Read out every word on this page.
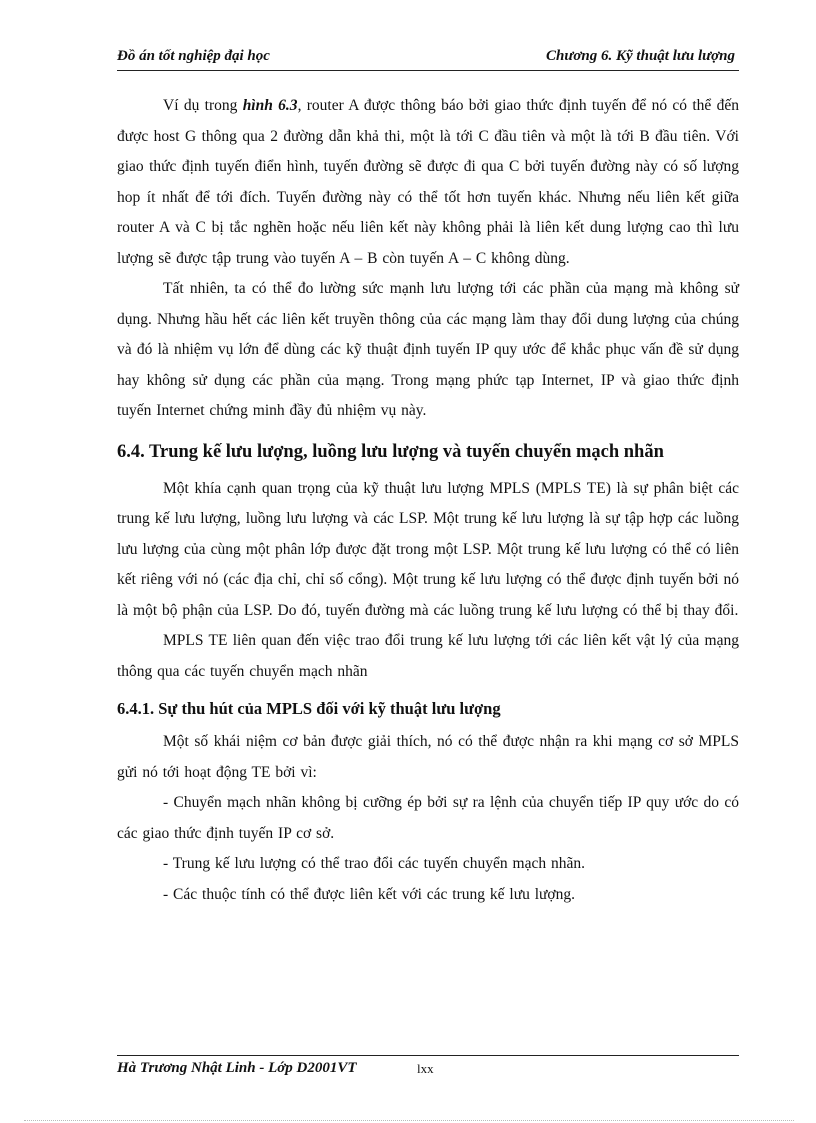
Đồ án tốt nghiệp đại học	Chương 6. Kỹ thuật lưu lượng

Ví dụ trong hình 6.3, router A được thông báo bởi giao thức định tuyến để nó có thể đến được host G thông qua 2 đường dẫn khả thi, một là tới C đầu tiên và một là tới B đầu tiên. Với giao thức định tuyến điển hình, tuyến đường sẽ được đi qua C bởi tuyến đường này có số lượng hop ít nhất để tới đích. Tuyến đường này có thể tốt hơn tuyến khác. Nhưng nếu liên kết giữa router A và C bị tắc nghẽn hoặc nếu liên kết này không phải là liên kết dung lượng cao thì lưu lượng sẽ được tập trung vào tuyến A – B còn tuyến A – C không dùng.

Tất nhiên, ta có thể đo lường sức mạnh lưu lượng tới các phần của mạng mà không sử dụng. Nhưng hầu hết các liên kết truyền thông của các mạng làm thay đổi dung lượng của chúng và đó là nhiệm vụ lớn để dùng các kỹ thuật định tuyến IP quy ước để khắc phục vấn đề sử dụng hay không sử dụng các phần của mạng. Trong mạng phức tạp Internet, IP và giao thức định tuyến Internet chứng minh đầy đủ nhiệm vụ này.

6.4. Trung kế lưu lượng, luồng lưu lượng và tuyến chuyển mạch nhãn

Một khía cạnh quan trọng của kỹ thuật lưu lượng MPLS (MPLS TE) là sự phân biệt các trung kế lưu lượng, luồng lưu lượng và các LSP. Một trung kế lưu lượng là sự tập hợp các luồng lưu lượng của cùng một phân lớp được đặt trong một LSP. Một trung kế lưu lượng có thể có liên kết riêng với nó (các địa chỉ, chỉ số cổng). Một trung kế lưu lượng có thể được định tuyến bởi nó là một bộ phận của LSP. Do đó, tuyến đường mà các luồng trung kế lưu lượng có thể bị thay đổi.

MPLS TE liên quan đến việc trao đổi trung kế lưu lượng tới các liên kết vật lý của mạng thông qua các tuyến chuyển mạch nhãn

6.4.1. Sự thu hút của MPLS đối với kỹ thuật lưu lượng

Một số khái niệm cơ bản được giải thích, nó có thể được nhận ra khi mạng cơ sở MPLS gửi nó tới hoạt động TE bởi vì:

- Chuyển mạch nhãn không bị cưỡng ép bởi sự ra lệnh của chuyển tiếp IP quy ước do có các giao thức định tuyến IP cơ sở.

- Trung kế lưu lượng có thể trao đổi các tuyến chuyển mạch nhãn.

- Các thuộc tính có thể được liên kết với các trung kế lưu lượng.

Hà Trương Nhật Linh - Lớp D2001VT	lxx
